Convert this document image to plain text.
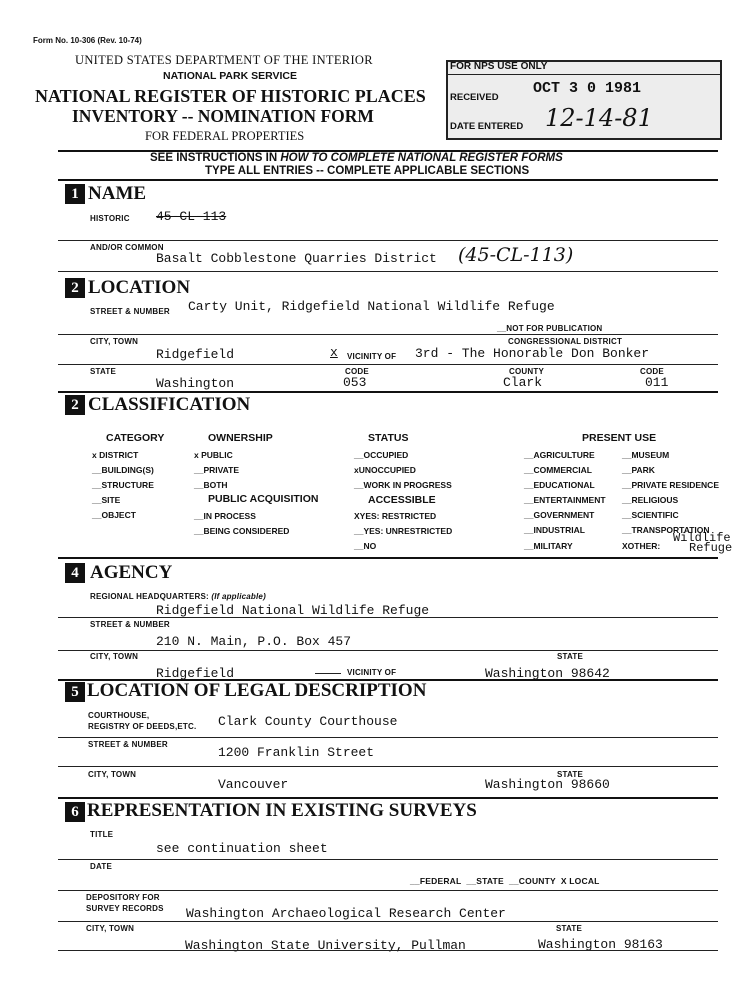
Form No. 10-306 (Rev. 10-74)
UNITED STATES DEPARTMENT OF THE INTERIOR
NATIONAL PARK SERVICE
NATIONAL REGISTER OF HISTORIC PLACES
INVENTORY -- NOMINATION FORM
FOR FEDERAL PROPERTIES
FOR NPS USE ONLY
RECEIVED
OCT 3 0 1981
DATE ENTERED 12-14-81
SEE INSTRUCTIONS IN HOW TO COMPLETE NATIONAL REGISTER FORMS
TYPE ALL ENTRIES -- COMPLETE APPLICABLE SECTIONS
1 NAME
HISTORIC 45-CL-113
AND/OR COMMON
Basalt Cobblestone Quarries District (45-CL-113)
2 LOCATION
STREET & NUMBER Carty Unit, Ridgefield National Wildlife Refuge
__NOT FOR PUBLICATION
CITY, TOWN	CONGRESSIONAL DISTRICT
Ridgefield	x VICINITY OF 3rd - The Honorable Don Bonker
STATE	CODE	COUNTY	CODE
Washington	053	Clark	011
2 CLASSIFICATION
CATEGORY
x DISTRICT
__BUILDING(S)
__STRUCTURE
__SITE
__OBJECT
OWNERSHIP
x PUBLIC
__PRIVATE
__BOTH
PUBLIC ACQUISITION
__IN PROCESS
__BEING CONSIDERED
STATUS
__OCCUPIED
xUNOCCUPIED
__WORK IN PROGRESS
ACCESSIBLE
XYES: RESTRICTED
__YES: UNRESTRICTED
__NO
PRESENT USE
__AGRICULTURE
__COMMERCIAL
__EDUCATIONAL
__ENTERTAINMENT
__GOVERNMENT
__INDUSTRIAL
__MILITARY
__MUSEUM
__PARK
__PRIVATE RESIDENCE
__RELIGIOUS
__SCIENTIFIC
__TRANSPORTATION
XOTHER:
Wildlife
Refuge
4 AGENCY
REGIONAL HEADQUARTERS: (If applicable)
Ridgefield National Wildlife Refuge
STREET & NUMBER
210 N. Main, P.O. Box 457
CITY, TOWN	STATE
Ridgefield	VICINITY OF	Washington 98642
5 LOCATION OF LEGAL DESCRIPTION
COURTHOUSE,
REGISTRY OF DEEDS,ETC. Clark County Courthouse
STREET & NUMBER
1200 Franklin Street
CITY, TOWN	STATE
Vancouver	Washington 98660
6 REPRESENTATION IN EXISTING SURVEYS
TITLE
see continuation sheet
DATE
__FEDERAL  __STATE  __COUNTY  X LOCAL
DEPOSITORY FOR
SURVEY RECORDS Washington Archaeological Research Center
CITY, TOWN	STATE
Washington State University, Pullman	Washington 98163
